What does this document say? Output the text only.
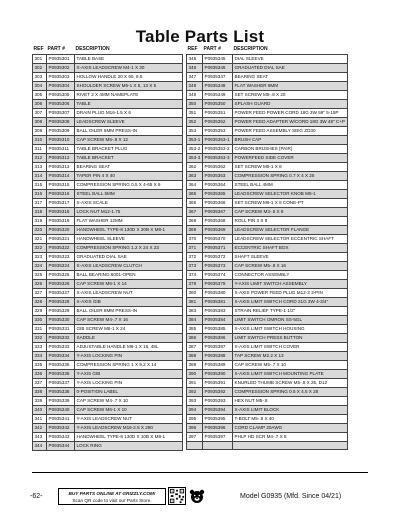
Table Parts List
REF	PART #	DESCRIPTION
301	P0935301	TABLE BASE
302	P0935302	X-AXIS LEADSCREW M4-1 X 30
303	P0935303	HOLLOW HANDLE 20 X 60, 8.5
304	P0935304	SHOULDER SCREW M6-1 X 5, 13 X 5
305	P0935305	RIVET 2 X 4MM NAMEPLATE
306	P0935306	TABLE
307	P0935307	DRAIN PLUG M16-1.5 X 6
308	P0935308	LEADSCREW SLEEVE
309	P0935309	BALL OILER 6MM PRESS-IN
310	P0935310	CAP SCREW M5-.8 X 12
311	P0935311	TABLE BRACKET PLUG
312	P0935312	TABLE BRACKET
313	P0935313	BEARING SEAT
314	P0935314	TAPER PIN 4 X 40
315	P0935315	COMPRESSION SPRING 0.5 X 4-65 X 9
316	P0935316	STEEL BALL 5MM
317	P0935317	X-AXIS SCALE
318	P0935318	LOCK NUT M12-1.75
319	P0935319	FLAT WASHER 12MM
320	P0935320	HANDWHEEL TYPE-8 130D X 20B X M8-1
321	P0935321	HANDWHEEL SLEEVE
322	P0935322	COMPRESSION SPRING 1.2 X 24 X 23
323	P0935323	GRADUATED DIAL SAE
324	P0935324	X-AXIS LEADSCREW CLUTCH
325	P0935325	BALL BEARING 6001-OPEN
326	P0935326	CAP SCREW M6-1 X 14
327	P0935327	X-AXIS LEADSCREW NUT
328	P0935328	X-AXIS GIB
329	P0935329	BALL OILER 8MM PRESS-IN
330	P0935330	CAP SCREW M4-.7 X 16
331	P0935331	GIB SCREW M6-1 X 24
332	P0935332	SADDLE
333	P0935333	ADJUSTABLE HANDLE M6-1 X 16, 48L
334	P0935334	Y-AXIS LOCKING PIN
335	P0935335	COMPRESSION SPRING 1 X 9.2 X 14
336	P0935336	Y-AXIS GIB
337	P0935337	Y-AXIS LOCKING PIN
338	P0935338	0-POSITION LABEL
339	P0935339	CAP SCREW M4-.7 X 10
340	P0935340	CAP SCREW M6-1 X 10
341	P0935341	Y-AXIS LEADSCREW NUT
342	P0935342	Y-AXIS LEADSCREW M16-2.5 X 280
343	P0935343	HANDWHEEL TYPE-8 130D X 10B X M8-1
344	P0935344	LOCK RING
REF	PART #	DESCRIPTION
345	P0935345	DIAL SLEEVE
346	P0935346	GRADUATED DIAL SAE
347	P0935347	BEARING SEAT
348	P0935348	FLAT WASHER 8MM
349	P0935349	SET SCREW M5-.8 X 20
350	P0935350	SPLASH GUARD
351	P0935351	POWER FEED POWER CORD 18G 3W 59" 5-15P
352	P0935352	POWER FEED ADAPTER W/CORD 18G 3W 48" C+P
353	P0935353	POWER FEED ASSEMBLY SIEG ZD30
353-1	P0935353-1	BRUSH CAP
353-2	P0935353-2	CARBON BRUSHES (PAIR)
353-3	P0935353-3	POWERFEED SIDE COVER
362	P0935362	SET SCREW M5-1 X 8
363	P0935363	COMPRESSION SPRING 0.7 X 4 X 25
364	P0935364	STEEL BALL 4MM
365	P0935365	LEADSCREW SELECTOR KNOB M6-1
366	P0935366	SET SCREW M6-1 X 8 CONE-PT
367	P0935367	CAP SCREW M3-.5 X 8
368	P0935368	ROLL PIN 3 X 8
369	P0935369	LEADSCREW SELECTOR FLANGE
370	P0935370	LEADSCREW SELECTOR ECCENTRIC SHAFT
371	P0935371	ECCENTRIC SHAFT BOX
372	P0935372	SHAFT SLEEVE
373	P0935373	CAP SCREW M5-.8 X 16
374	P0935374	CONNECTOR ASSEMBLY
379	P0935379	Y-AXIS LIMIT SWITCH ASSEMBLY
380	P0935380	X-AXIS POWER FEED PLUG M12-3 3-PIN
381	P0935381	X-AXIS LIMIT SWITCH CORD 21G 3W 4-3/4"
383	P0935383	STRAIN RELIEF TYPE-1 1/2"
384	P0935384	LIMIT SWITCH OMRON SS-5GL
385	P0935385	X-AXIS LIMIT SWITCH HOUSING
386	P0935386	LIMIT SWITCH PRESS BUTTON
387	P0935387	X-AXIS LIMIT SWITCH COVER
388	P0935388	TAP SCREW M2.2 X 13
389	P0935389	CAP SCREW M5-.7 X 10
390	P0935390	X-AXIS LIMIT SWITCH MOUNTING PLATE
391	P0935391	KNURLED THUMB SCREW M5-.8 X 25, D12
392	P0935392	COMPRESSION SPRING 0.5 X 4.5 X 28
393	P0935393	HEX NUT M5-.8
394	P0935394	X-AXIS LIMIT BLOCK
395	P0935395	T-BOLT M5-.8 X 40
396	P0935396	CORD CLAMP 20AWG
397	P0935397	PHLP HD SCR M4-.7 X 8

-62-	BUY PARTS ONLINE AT GRIZZLY.COM!
Scan QR code to visit our Parts Store.
Model G0935 (Mfd. Since 04/21)
